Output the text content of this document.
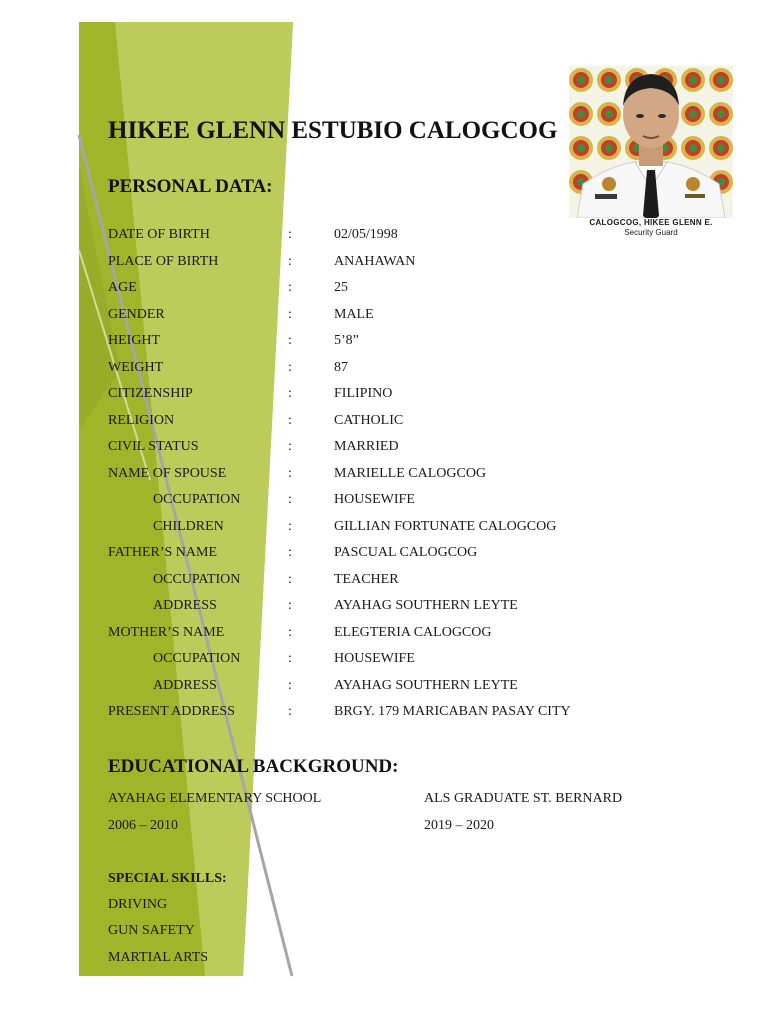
HIKEE GLENN ESTUBIO CALOGCOG
PERSONAL DATA:
DATE OF BIRTH	:	02/05/1998
PLACE OF BIRTH	:	ANAHAWAN
AGE	:	25
GENDER	:	MALE
HEIGHT	:	5’8”
WEIGHT	:	87
CITIZENSHIP	:	FILIPINO
RELIGION	:	CATHOLIC
CIVIL STATUS	:	MARRIED
NAME OF SPOUSE	:	MARIELLE CALOGCOG
OCCUPATION	:	HOUSEWIFE
CHILDREN	:	GILLIAN FORTUNATE CALOGCOG
FATHER’S NAME	:	PASCUAL CALOGCOG
OCCUPATION	:	TEACHER
ADDRESS	:	AYAHAG SOUTHERN LEYTE
MOTHER’S NAME	:	ELEGTERIA CALOGCOG
OCCUPATION	:	HOUSEWIFE
ADDRESS	:	AYAHAG SOUTHERN LEYTE
PRESENT ADDRESS	:	BRGY. 179 MARICABAN PASAY CITY
EDUCATIONAL BACKGROUND:
AYAHAG ELEMENTARY SCHOOL
2006 – 2010
ALS GRADUATE ST. BERNARD
2019 – 2020
SPECIAL SKILLS:
DRIVING
GUN SAFETY
MARTIAL ARTS
CALOGCOG, HIKEE GLENN E.
Security Guard
